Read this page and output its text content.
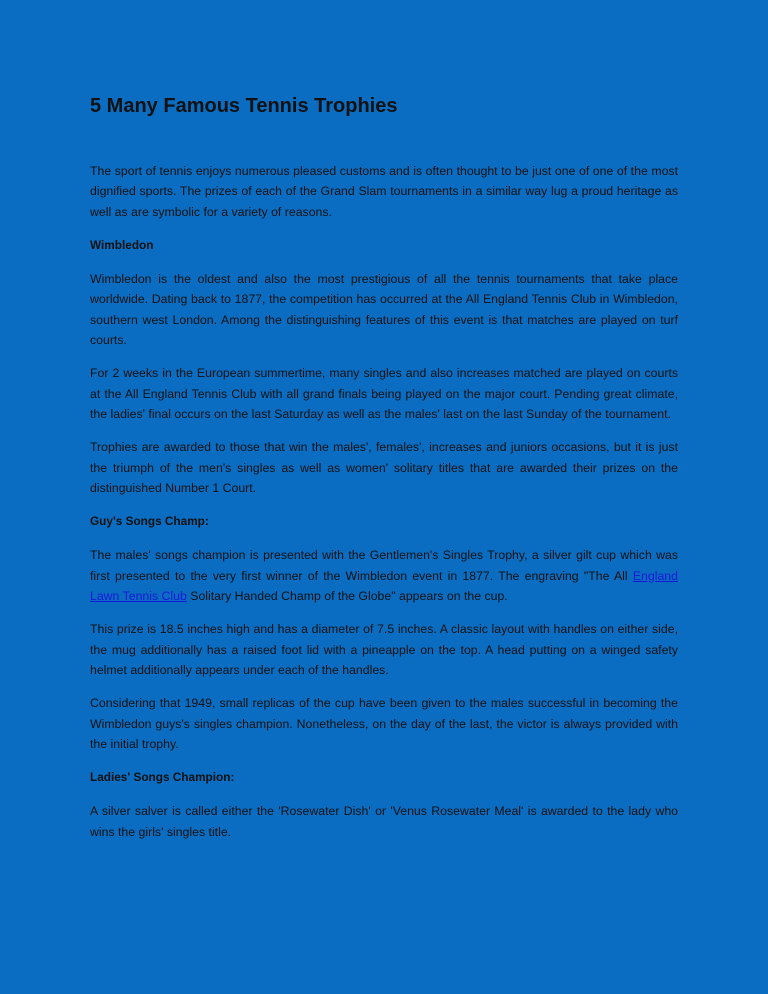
5 Many Famous Tennis Trophies

The sport of tennis enjoys numerous pleased customs and is often thought to be just one of one of the most dignified sports. The prizes of each of the Grand Slam tournaments in a similar way lug a proud heritage as well as are symbolic for a variety of reasons.

Wimbledon

Wimbledon is the oldest and also the most prestigious of all the tennis tournaments that take place worldwide. Dating back to 1877, the competition has occurred at the All England Tennis Club in Wimbledon, southern west London. Among the distinguishing features of this event is that matches are played on turf courts.

For 2 weeks in the European summertime, many singles and also increases matched are played on courts at the All England Tennis Club with all grand finals being played on the major court. Pending great climate, the ladies' final occurs on the last Saturday as well as the males' last on the last Sunday of the tournament.

Trophies are awarded to those that win the males', females', increases and juniors occasions, but it is just the triumph of the men's singles as well as women' solitary titles that are awarded their prizes on the distinguished Number 1 Court.

Guy's Songs Champ:

The males' songs champion is presented with the Gentlemen's Singles Trophy, a silver gilt cup which was first presented to the very first winner of the Wimbledon event in 1877. The engraving "The All England Lawn Tennis Club Solitary Handed Champ of the Globe" appears on the cup.

This prize is 18.5 inches high and has a diameter of 7.5 inches. A classic layout with handles on either side, the mug additionally has a raised foot lid with a pineapple on the top. A head putting on a winged safety helmet additionally appears under each of the handles.

Considering that 1949, small replicas of the cup have been given to the males successful in becoming the Wimbledon guys's singles champion. Nonetheless, on the day of the last, the victor is always provided with the initial trophy.

Ladies' Songs Champion:

A silver salver is called either the 'Rosewater Dish' or 'Venus Rosewater Meal' is awarded to the lady who wins the girls' singles title.
